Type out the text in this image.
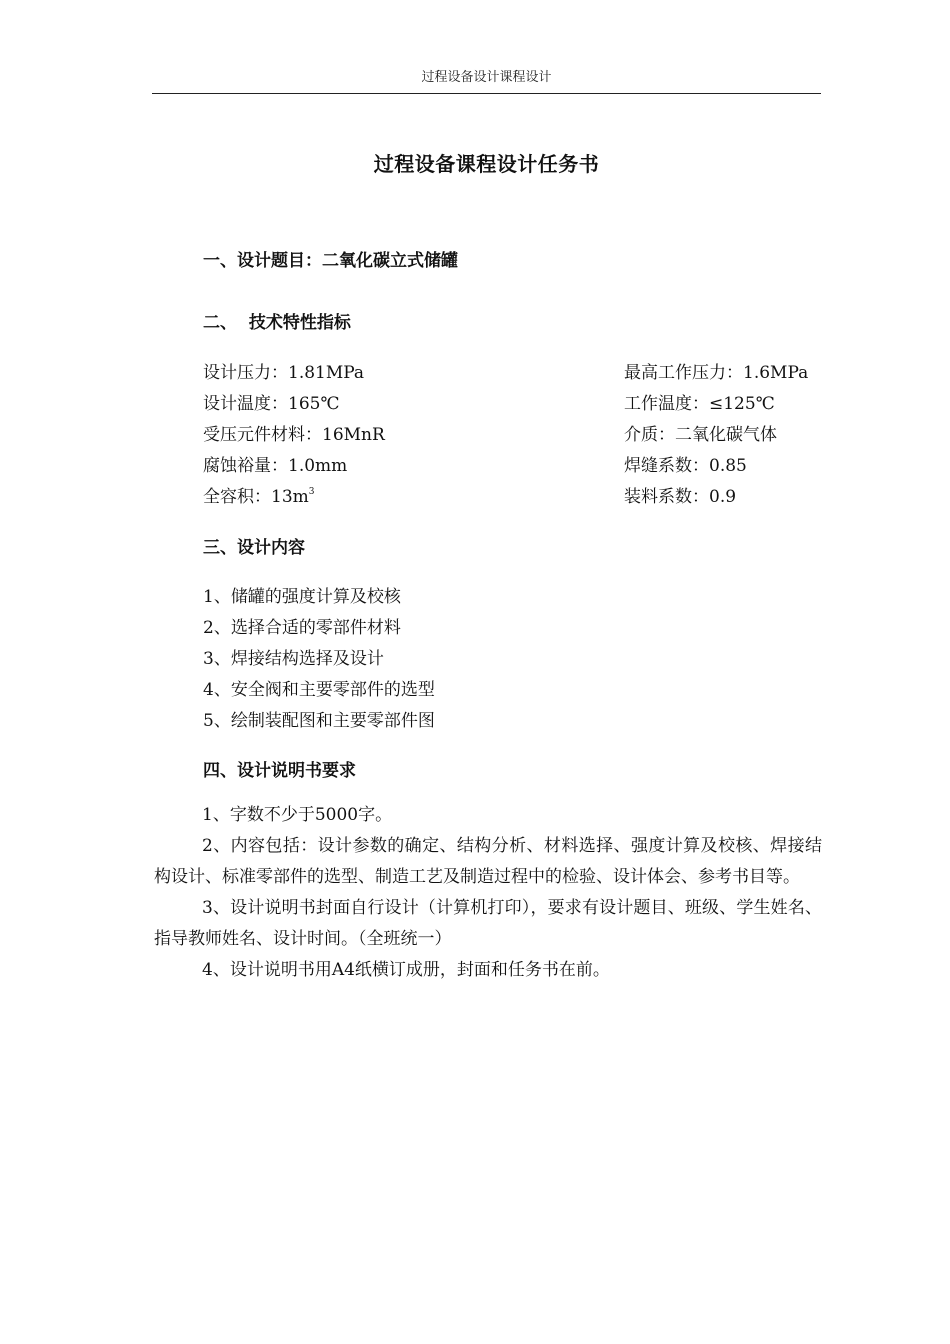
过程设备设计课程设计
过程设备课程设计任务书
一、设计题目：二氧化碳立式储罐
二、  技术特性指标
设计压力：1.81MPa
设计温度：165℃
受压元件材料：16MnR
腐蚀裕量：1.0mm
全容积：$13m^3$
最高工作压力：1.6MPa
工作温度：≤125℃
介质：二氧化碳气体
焊缝系数：0.85
装料系数：0.9
三、设计内容
1、储罐的强度计算及校核
2、选择合适的零部件材料
3、焊接结构选择及设计
4、安全阀和主要零部件的选型
5、绘制装配图和主要零部件图
四、设计说明书要求

1、字数不少于5000字。

2、内容包括：设计参数的确定、结构分析、材料选择、强度计算及校核、焊接结构设计、标准零部件的选型、制造工艺及制造过程中的检验、设计体会、参考书目等。

3、设计说明书封面自行设计（计算机打印），要求有设计题目、班级、学生姓名、指导教师姓名、设计时间。（全班统一）

4、设计说明书用A4纸横订成册，封面和任务书在前。
